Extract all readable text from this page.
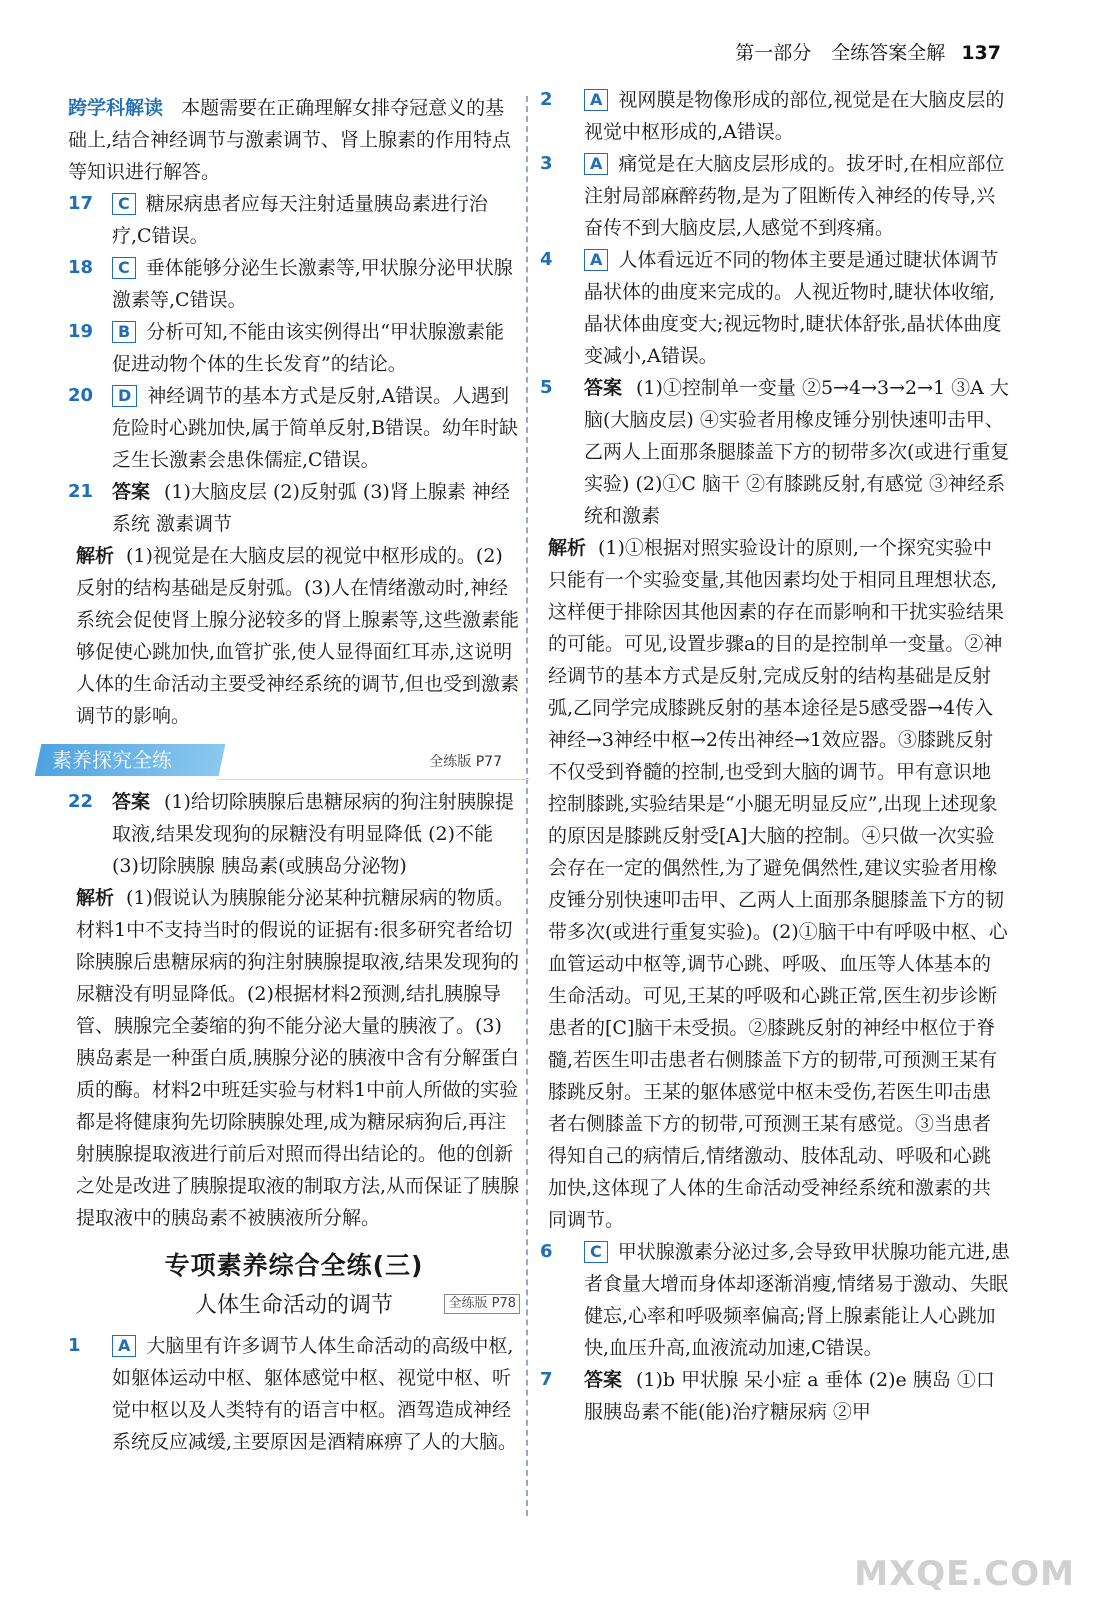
第一部分 全练答案全解 137

跨学科解读 本题需要在正确理解女排夺冠意义的基础上,结合神经调节与激素调节、肾上腺素的作用特点等知识进行解答。

17 C 糖尿病患者应每天注射适量胰岛素进行治疗,C错误。

18 C 垂体能够分泌生长激素等,甲状腺分泌甲状腺激素等,C错误。

19 B 分析可知,不能由该实例得出“甲状腺激素能促进动物个体的生长发育”的结论。

20 D 神经调节的基本方式是反射,A错误。人遇到危险时心跳加快,属于简单反射,B错误。幼年时缺乏生长激素会患侏儒症,C错误。

21 答案 (1)大脑皮层 (2)反射弧 (3)肾上腺素 神经系统 激素调节

解析 (1)视觉是在大脑皮层的视觉中枢形成的。(2)反射的结构基础是反射弧。(3)人在情绪激动时,神经系统会促使肾上腺分泌较多的肾上腺素等,这些激素能够促使心跳加快,血管扩张,使人显得面红耳赤,这说明人体的生命活动主要受神经系统的调节,但也受到激素调节的影响。

素养探究全练	全练版 P77

22 答案 (1)给切除胰腺后患糖尿病的狗注射胰腺提取液,结果发现狗的尿糖没有明显降低 (2)不能 (3)切除胰腺 胰岛素(或胰岛分泌物)

解析 (1)假说认为胰腺能分泌某种抗糖尿病的物质。材料1中不支持当时的假说的证据有:很多研究者给切除胰腺后患糖尿病的狗注射胰腺提取液,结果发现狗的尿糖没有明显降低。(2)根据材料2预测,结扎胰腺导管、胰腺完全萎缩的狗不能分泌大量的胰液了。(3)胰岛素是一种蛋白质,胰腺分泌的胰液中含有分解蛋白质的酶。材料2中班廷实验与材料1中前人所做的实验都是将健康狗先切除胰腺处理,成为糖尿病狗后,再注射胰腺提取液进行前后对照而得出结论的。他的创新之处是改进了胰腺提取液的制取方法,从而保证了胰腺提取液中的胰岛素不被胰液所分解。

专项素养综合全练(三)
人体生命活动的调节	全练版 P78

1 A 大脑里有许多调节人体生命活动的高级中枢,如躯体运动中枢、躯体感觉中枢、视觉中枢、听觉中枢以及人类特有的语言中枢。酒驾造成神经系统反应减缓,主要原因是酒精麻痹了人的大脑。

2 A 视网膜是物像形成的部位,视觉是在大脑皮层的视觉中枢形成的,A错误。

3 A 痛觉是在大脑皮层形成的。拔牙时,在相应部位注射局部麻醉药物,是为了阻断传入神经的传导,兴奋传不到大脑皮层,人感觉不到疼痛。

4 A 人体看远近不同的物体主要是通过睫状体调节晶状体的曲度来完成的。人视近物时,睫状体收缩,晶状体曲度变大;视远物时,睫状体舒张,晶状体曲度变减小,A错误。

5 答案 (1)①控制单一变量 ②5→4→3→2→1 ③A 大脑(大脑皮层) ④实验者用橡皮锤分别快速叩击甲、乙两人上面那条腿膝盖下方的韧带多次(或进行重复实验) (2)①C 脑干 ②有膝跳反射,有感觉 ③神经系统和激素

解析 (1)①根据对照实验设计的原则,一个探究实验中只能有一个实验变量,其他因素均处于相同且理想状态,这样便于排除因其他因素的存在而影响和干扰实验结果的可能。可见,设置步骤a的目的是控制单一变量。②神经调节的基本方式是反射,完成反射的结构基础是反射弧,乙同学完成膝跳反射的基本途径是5感受器→4传入神经→3神经中枢→2传出神经→1效应器。③膝跳反射不仅受到脊髓的控制,也受到大脑的调节。甲有意识地控制膝跳,实验结果是“小腿无明显反应”,出现上述现象的原因是膝跳反射受[A]大脑的控制。④只做一次实验会存在一定的偶然性,为了避免偶然性,建议实验者用橡皮锤分别快速叩击甲、乙两人上面那条腿膝盖下方的韧带多次(或进行重复实验)。(2)①脑干中有呼吸中枢、心血管运动中枢等,调节心跳、呼吸、血压等人体基本的生命活动。可见,王某的呼吸和心跳正常,医生初步诊断患者的[C]脑干未受损。②膝跳反射的神经中枢位于脊髓,若医生叩击患者右侧膝盖下方的韧带,可预测王某有膝跳反射。王某的躯体感觉中枢未受伤,若医生叩击患者右侧膝盖下方的韧带,可预测王某有感觉。③当患者得知自己的病情后,情绪激动、肢体乱动、呼吸和心跳加快,这体现了人体的生命活动受神经系统和激素的共同调节。

6 C 甲状腺激素分泌过多,会导致甲状腺功能亢进,患者食量大增而身体却逐渐消瘦,情绪易于激动、失眠健忘,心率和呼吸频率偏高;肾上腺素能让人心跳加快,血压升高,血液流动加速,C错误。

7 答案 (1)b 甲状腺 呆小症 a 垂体 (2)e 胰岛 ①口服胰岛素不能(能)治疗糖尿病 ②甲

MXQE.COM
